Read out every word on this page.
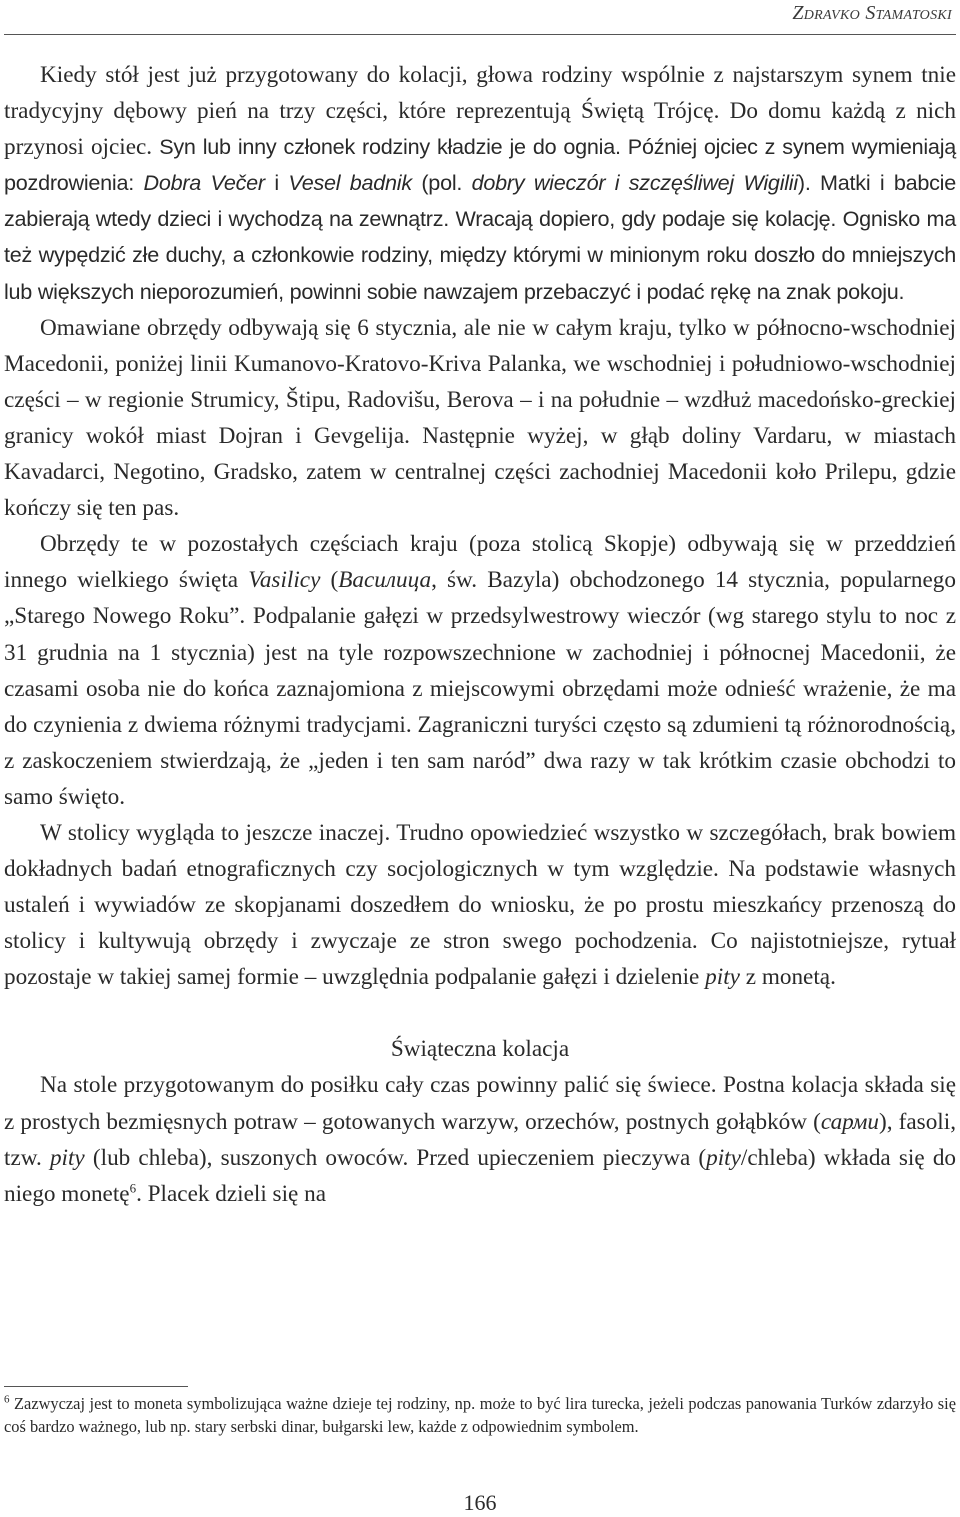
Zdravko Stamatoski

Kiedy stół jest już przygotowany do kolacji, głowa rodziny wspólnie z najstarszym synem tnie tradycyjny dębowy pień na trzy części, które reprezentują Świętą Trójcę. Do domu każdą z nich przynosi ojciec. Syn lub inny członek rodziny kładzie je do ognia. Później ojciec z synem wymieniają pozdrowienia: Dobra Večer i Vesel badnik (pol. dobry wieczór i szczęśliwej Wigilii). Matki i babcie zabierają wtedy dzieci i wychodzą na zewnątrz. Wracają dopiero, gdy podaje się kolację. Ognisko ma też wypędzić złe duchy, a członkowie rodziny, między którymi w minionym roku doszło do mniejszych lub większych nieporozumień, powinni sobie nawzajem przebaczyć i podać rękę na znak pokoju.

Omawiane obrzędy odbywają się 6 stycznia, ale nie w całym kraju, tylko w północno-wschodniej Macedonii, poniżej linii Kumanovo-Kratovo-Kriva Palanka, we wschodniej i południowo-wschodniej części – w regionie Strumicy, Štipu, Radovišu, Berova – i na południe – wzdłuż macedońsko-greckiej granicy wokół miast Dojran i Gevgelija. Następnie wyżej, w głąb doliny Vardaru, w miastach Kavadarci, Negotino, Gradsko, zatem w centralnej części zachodniej Macedonii koło Prilepu, gdzie kończy się ten pas.

Obrzędy te w pozostałych częściach kraju (poza stolicą Skopje) odbywają się w przeddzień innego wielkiego święta Vasilicy (Василица, św. Bazyla) obchodzonego 14 stycznia, popularnego „Starego Nowego Roku”. Podpalanie gałęzi w przedsylwestrowy wieczór (wg starego stylu to noc z 31 grudnia na 1 stycznia) jest na tyle rozpowszechnione w zachodniej i północnej Macedonii, że czasami osoba nie do końca zaznajomiona z miejscowymi obrzędami może odnieść wrażenie, że ma do czynienia z dwiema różnymi tradycjami. Zagraniczni turyści często są zdumieni tą różnorodnością, z zaskoczeniem stwierdzają, że „jeden i ten sam naród” dwa razy w tak krótkim czasie obchodzi to samo święto.

W stolicy wygląda to jeszcze inaczej. Trudno opowiedzieć wszystko w szczegółach, brak bowiem dokładnych badań etnograficznych czy socjologicznych w tym względzie. Na podstawie własnych ustaleń i wywiadów ze skopjanami doszedłem do wniosku, że po prostu mieszkańcy przenoszą do stolicy i kultywują obrzędy i zwyczaje ze stron swego pochodzenia. Co najistotniejsze, rytuał pozostaje w takiej samej formie – uwzględnia podpalanie gałęzi i dzielenie pity z monetą.

Świąteczna kolacja

Na stole przygotowanym do posiłku cały czas powinny palić się świece. Postna kolacja składa się z prostych bezmięsnych potraw – gotowanych warzyw, orzechów, postnych gołąbków (сарми), fasoli, tzw. pity (lub chleba), suszonych owoców. Przed upieczeniem pieczywa (pity/chleba) wkłada się do niego monetę$^6$. Placek dzieli się na

$^6$ Zazwyczaj jest to moneta symbolizująca ważne dzieje tej rodziny, np. może to być lira turecka, jeżeli podczas panowania Turków zdarzyło się coś bardzo ważnego, lub np. stary serbski dinar, bułgarski lew, każde z odpowiednim symbolem.
166
